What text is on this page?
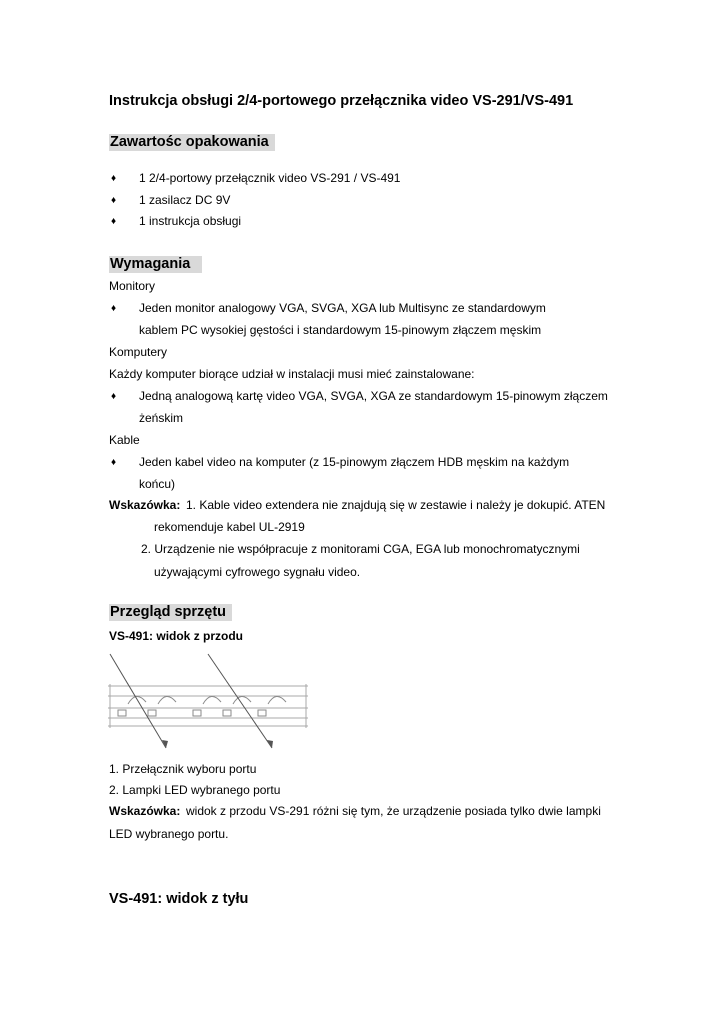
Instrukcja obsługi 2/4-portowego przełącznika video VS-291/VS-491
Zawartośc opakowania
♦ 1 2/4-portowy przełącznik video VS-291 / VS-491
♦ 1 zasilacz DC 9V
♦ 1 instrukcja obsługi
Wymagania
Monitory
♦ Jeden monitor analogowy VGA, SVGA, XGA lub Multisync ze standardowym
kablem PC wysokiej gęstości i standardowym 15-pinowym złączem męskim
Komputery
Każdy komputer biorące udział w instalacji musi mieć zainstalowane:
♦ Jedną analogową kartę video VGA, SVGA, XGA ze standardowym 15-pinowym złączem
żeńskim
Kable
♦ Jeden kabel video na komputer (z 15-pinowym złączem HDB męskim na każdym
końcu)
Wskazówka: 1. Kable video extendera nie znajdują się w zestawie i należy je dokupić. ATEN
rekomenduje kabel UL-2919
2. Urządzenie nie współpracuje z monitorami CGA, EGA lub monochromatycznymi
używającymi cyfrowego sygnału video.
Przegląd sprzętu
VS-491: widok z przodu
1. Przełącznik wyboru portu
2. Lampki LED wybranego portu
Wskazówka: widok z przodu VS-291 różni się tym, że urządzenie posiada tylko dwie lampki
LED wybranego portu.
VS-491: widok z tyłu
